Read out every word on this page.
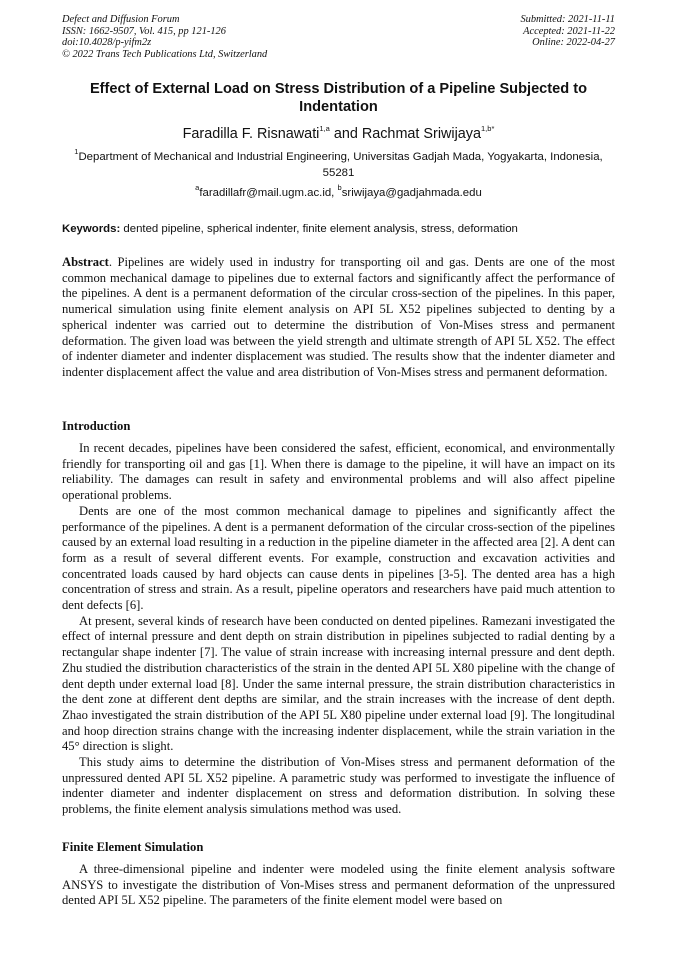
Defect and Diffusion Forum
ISSN: 1662-9507, Vol. 415, pp 121-126
doi:10.4028/p-yifm2z
© 2022 Trans Tech Publications Ltd, Switzerland
Submitted: 2021-11-11
Accepted: 2021-11-22
Online: 2022-04-27
Effect of External Load on Stress Distribution of a Pipeline Subjected to Indentation
Faradilla F. Risnawati$^{1,a}$ and Rachmat Sriwijaya$^{1,b*}$
$^1$Department of Mechanical and Industrial Engineering, Universitas Gadjah Mada, Yogyakarta, Indonesia, 55281
$^a$faradillafr@mail.ugm.ac.id, $^b$sriwijaya@gadjahmada.edu
Keywords: dented pipeline, spherical indenter, finite element analysis, stress, deformation

Abstract. Pipelines are widely used in industry for transporting oil and gas. Dents are one of the most common mechanical damage to pipelines due to external factors and significantly affect the performance of the pipelines. A dent is a permanent deformation of the circular cross-section of the pipelines. In this paper, numerical simulation using finite element analysis on API 5L X52 pipelines subjected to denting by a spherical indenter was carried out to determine the distribution of Von-Mises stress and permanent deformation. The given load was between the yield strength and ultimate strength of API 5L X52. The effect of indenter diameter and indenter displacement was studied. The results show that the indenter diameter and indenter displacement affect the value and area distribution of Von-Mises stress and permanent deformation.

Introduction

In recent decades, pipelines have been considered the safest, efficient, economical, and environmentally friendly for transporting oil and gas [1]. When there is damage to the pipeline, it will have an impact on its reliability. The damages can result in safety and environmental problems and will also affect pipeline operational problems.

Dents are one of the most common mechanical damage to pipelines and significantly affect the performance of the pipelines. A dent is a permanent deformation of the circular cross-section of the pipelines caused by an external load resulting in a reduction in the pipeline diameter in the affected area [2]. A dent can form as a result of several different events. For example, construction and excavation activities and concentrated loads caused by hard objects can cause dents in pipelines [3-5]. The dented area has a high concentration of stress and strain. As a result, pipeline operators and researchers have paid much attention to dent defects [6].

At present, several kinds of research have been conducted on dented pipelines. Ramezani investigated the effect of internal pressure and dent depth on strain distribution in pipelines subjected to radial denting by a rectangular shape indenter [7]. The value of strain increase with increasing internal pressure and dent depth. Zhu studied the distribution characteristics of the strain in the dented API 5L X80 pipeline with the change of dent depth under external load [8]. Under the same internal pressure, the strain distribution characteristics in the dent zone at different dent depths are similar, and the strain increases with the increase of dent depth. Zhao investigated the strain distribution of the API 5L X80 pipeline under external load [9]. The longitudinal and hoop direction strains change with the increasing indenter displacement, while the strain variation in the 45° direction is slight.

This study aims to determine the distribution of Von-Mises stress and permanent deformation of the unpressured dented API 5L X52 pipeline. A parametric study was performed to investigate the influence of indenter diameter and indenter displacement on stress and deformation distribution. In solving these problems, the finite element analysis simulations method was used.

Finite Element Simulation

A three-dimensional pipeline and indenter were modeled using the finite element analysis software ANSYS to investigate the distribution of Von-Mises stress and permanent deformation of the unpressured dented API 5L X52 pipeline. The parameters of the finite element model were based on
